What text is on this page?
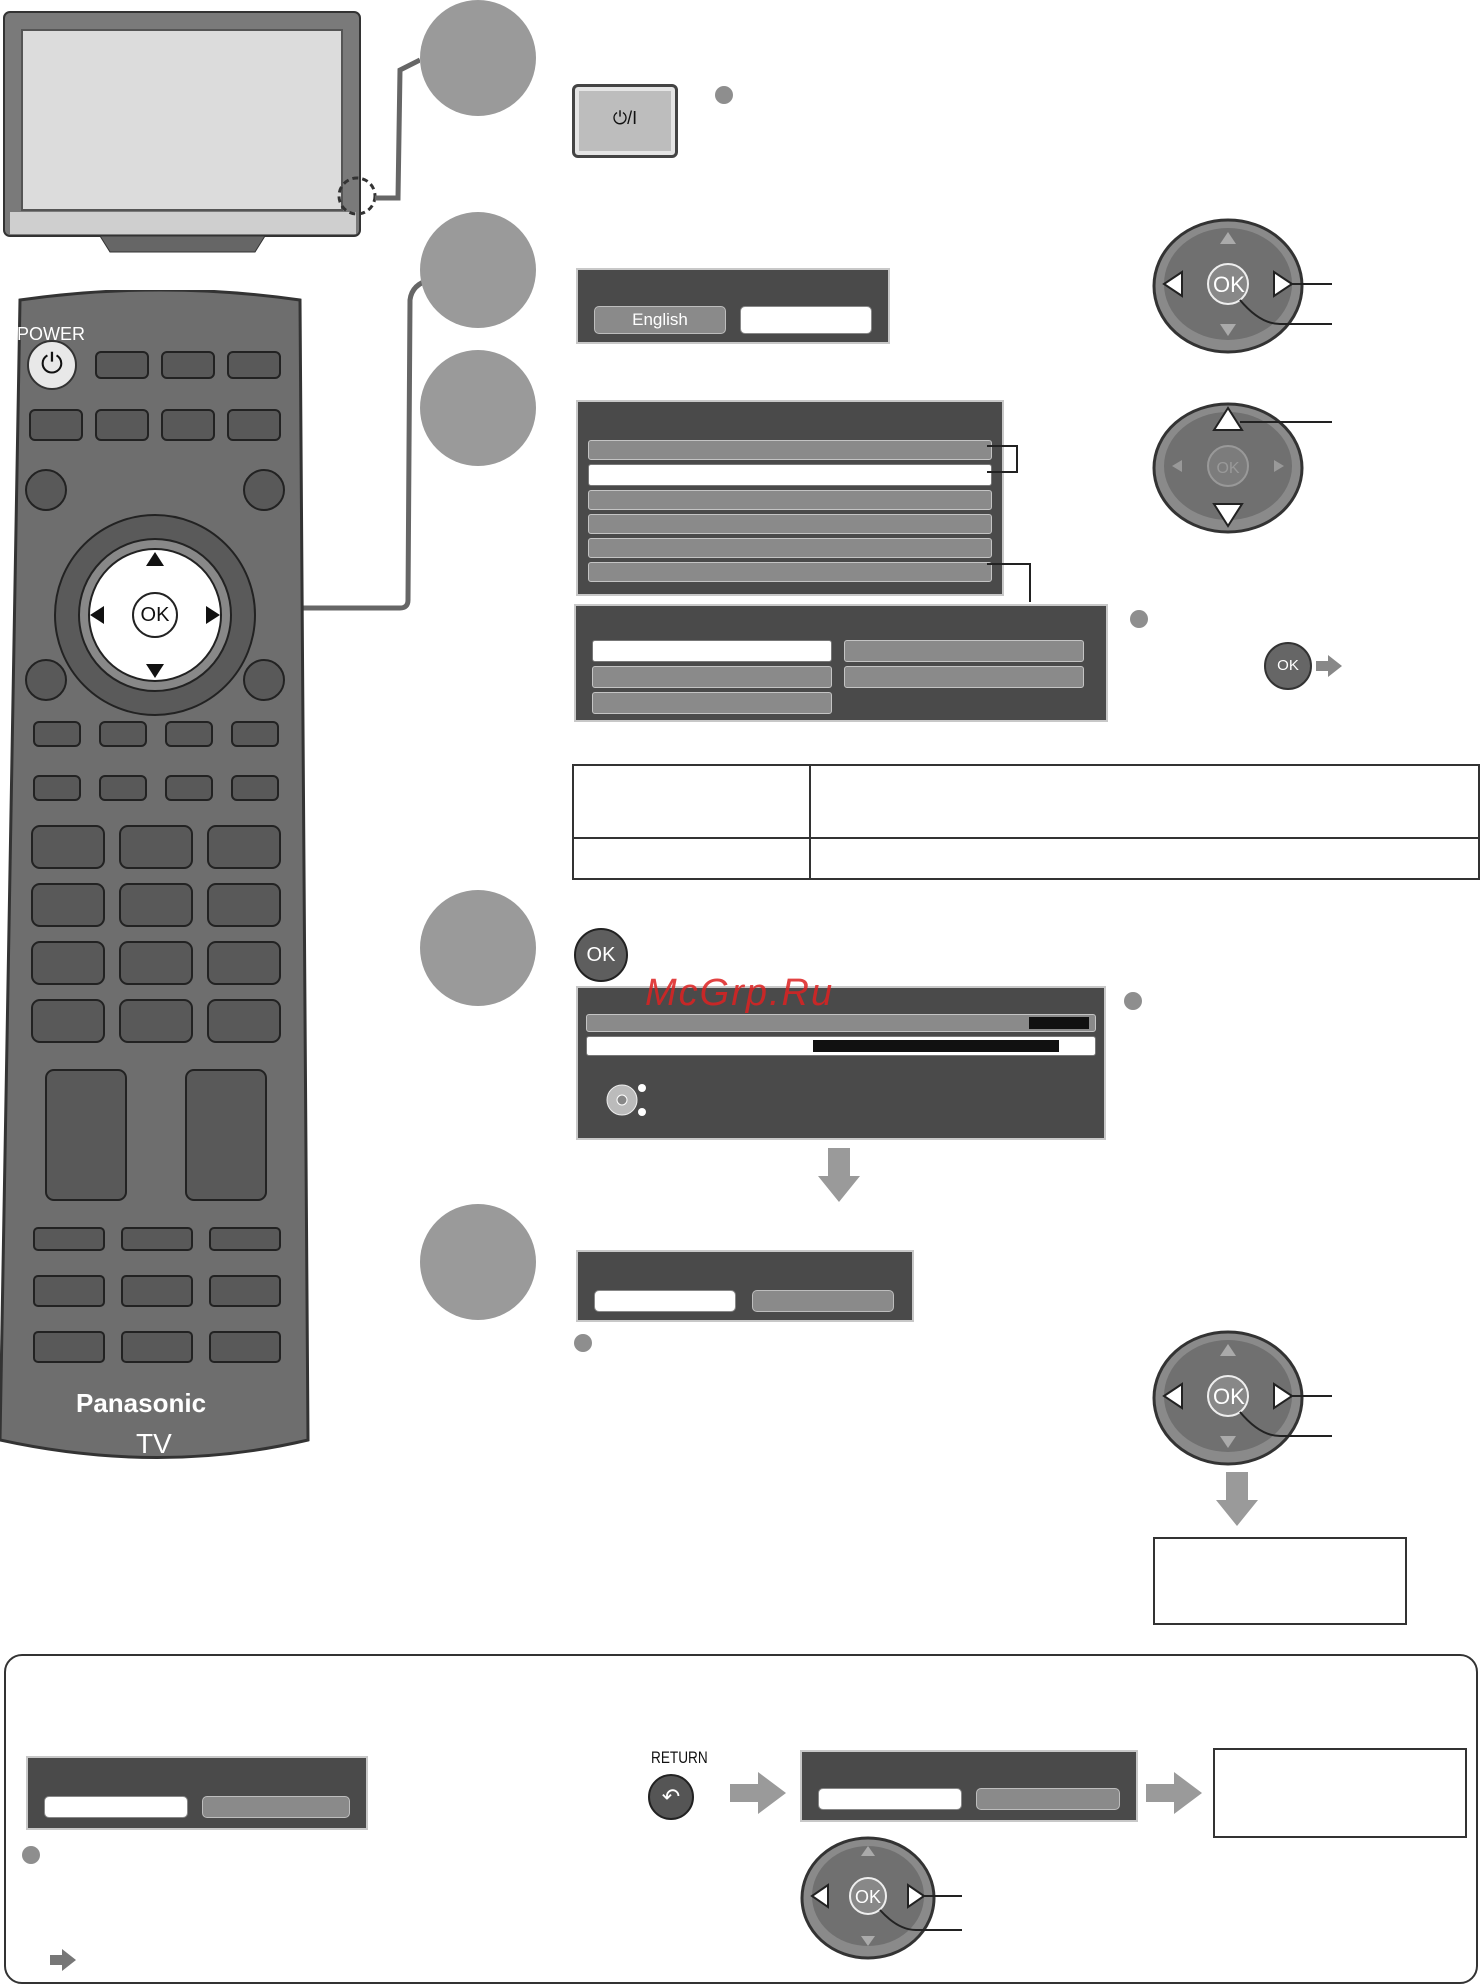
POWER
⏻
OK
Panasonic
TV
⏻/I
English
OK
OK
OK
OK
McGrp.Ru
OK
RETURN
↶
OK
